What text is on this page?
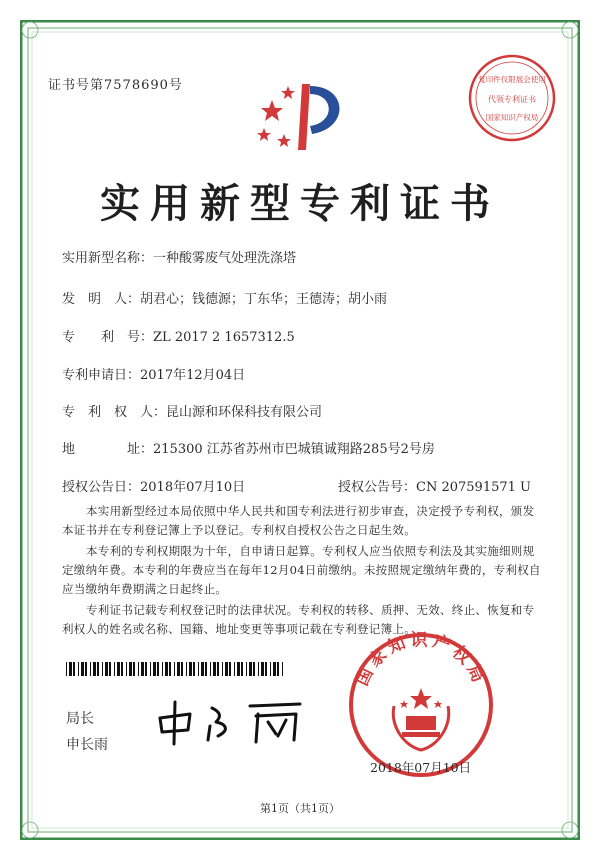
证书号第7578690号	复印件仅限展会使用
代领专利证书
国家知识产权局
实用新型专利证书
实用新型名称：一种酸雾废气处理洗涤塔
发　明　人：胡君心；钱德源；丁东华；王德涛；胡小雨
专　　利　号：ZL 2017 2 1657312.5
专利申请日：2017年12月04日
专　利　权　人：昆山源和环保科技有限公司
地　　　　址：215300 江苏省苏州市巴城镇诚翔路285号2号房
授权公告日：2018年07月10日	授权公告号：CN 207591571 U
本实用新型经过本局依照中华人民共和国专利法进行初步审查，决定授予专利权，颁发本证书并在专利登记簿上予以登记。专利权自授权公告之日起生效。
本专利的专利权期限为十年，自申请日起算。专利权人应当依照专利法及其实施细则规定缴纳年费。本专利的年费应当在每年12月04日前缴纳。未按照规定缴纳年费的，专利权自应当缴纳年费期满之日起终止。
专利证书记载专利权登记时的法律状况。专利权的转移、质押、无效、终止、恢复和专利权人的姓名或名称、国籍、地址变更等事项记载在专利登记簿上。
局长
申长雨
国家知识产权局
2018年07月10日
第1页（共1页）
